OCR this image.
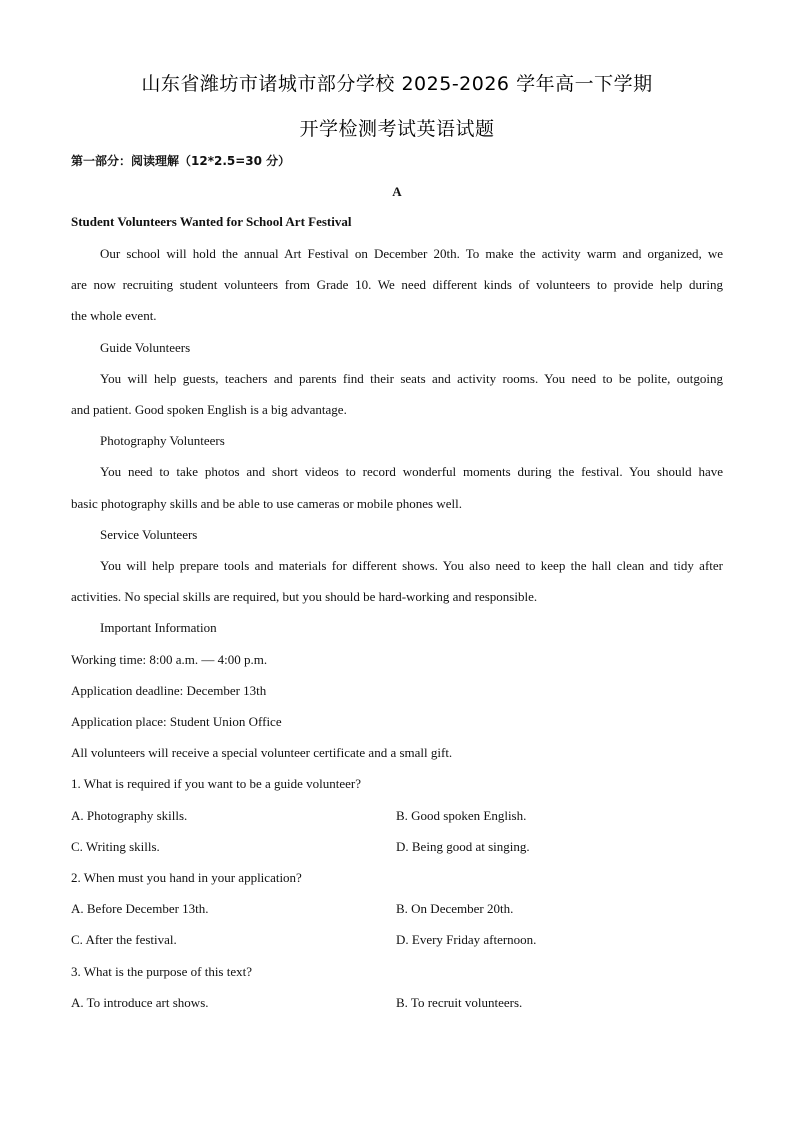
山东省潍坊市诸城市部分学校 2025-2026 学年高一下学期
开学检测考试英语试题
第一部分：阅读理解（12*2.5=30 分）
A
Student Volunteers Wanted for School Art Festival
Our school will hold the annual Art Festival on December 20th. To make the activity warm and organized, we
are now recruiting student volunteers from Grade 10. We need different kinds of volunteers to provide help during
the whole event.
Guide Volunteers
You will help guests, teachers and parents find their seats and activity rooms. You need to be polite, outgoing
and patient. Good spoken English is a big advantage.
Photography Volunteers
You need to take photos and short videos to record wonderful moments during the festival. You should have
basic photography skills and be able to use cameras or mobile phones well.
Service Volunteers
You will help prepare tools and materials for different shows. You also need to keep the hall clean and tidy after
activities. No special skills are required, but you should be hard-working and responsible.
Important Information
Working time: 8:00 a.m. — 4:00 p.m.
Application deadline: December 13th
Application place: Student Union Office
All volunteers will receive a special volunteer certificate and a small gift.
1. What is required if you want to be a guide volunteer?
A. Photography skills.	B. Good spoken English.
C. Writing skills.	D. Being good at singing.
2. When must you hand in your application?
A. Before December 13th.	B. On December 20th.
C. After the festival.	D. Every Friday afternoon.
3. What is the purpose of this text?
A. To introduce art shows.	B. To recruit volunteers.
